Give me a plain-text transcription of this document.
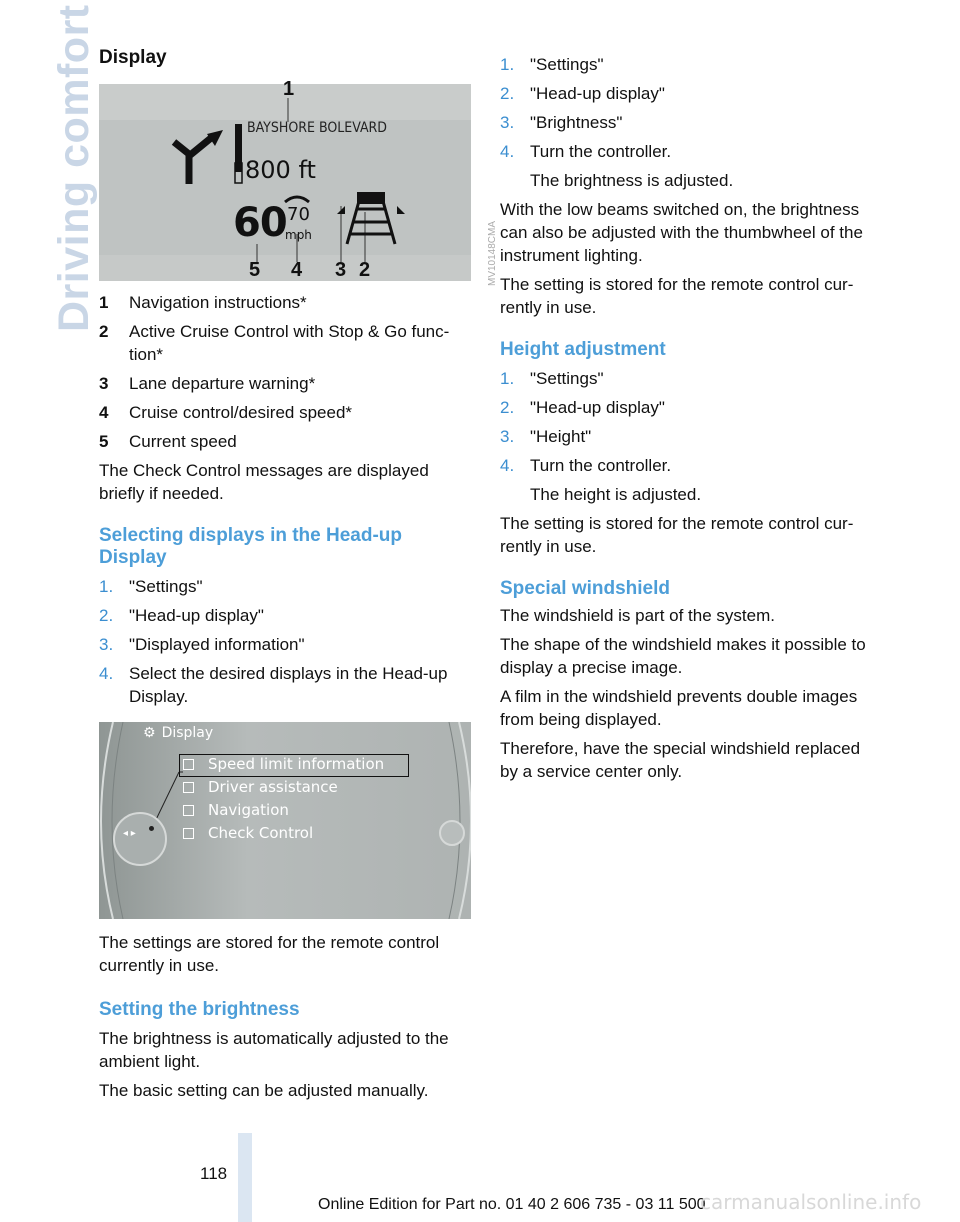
Driving comfort Display
BAYSHORE BOLEVARD
800 ft
60 70
mph
1
5 4 3 2	MV10148CMA
1 Navigation instructions*
2 Active Cruise Control with Stop & Go func-tion*
3 Lane departure warning*
4 Cruise control/desired speed*
5 Current speed

The Check Control messages are displayed briefly if needed.

Selecting displays in the Head-up Display
1. "Settings"
2. "Head-up display"
3. "Displayed information"
4. Select the desired displays in the Head-up Display.
◂ ▸
⚙ Display
Speed limit information
Driver assistance
Navigation
Check Control

The settings are stored for the remote control currently in use.

Setting the brightness

The brightness is automatically adjusted to the ambient light.

The basic setting can be adjusted manually.

1. "Settings"
2. "Head-up display"
3. "Brightness"
4. Turn the controller.
The brightness is adjusted.

With the low beams switched on, the brightness can also be adjusted with the thumbwheel of the instrument lighting.

The setting is stored for the remote control cur-rently in use.

Height adjustment
1. "Settings"
2. "Head-up display"
3. "Height"
4. Turn the controller.
The height is adjusted.

The setting is stored for the remote control cur-rently in use.

Special windshield

The windshield is part of the system.

The shape of the windshield makes it possible to display a precise image.

A film in the windshield prevents double images from being displayed.

Therefore, have the special windshield replaced by a service center only.

118
Online Edition for Part no. 01 40 2 606 735 - 03 11 500
carmanualsonline.info
